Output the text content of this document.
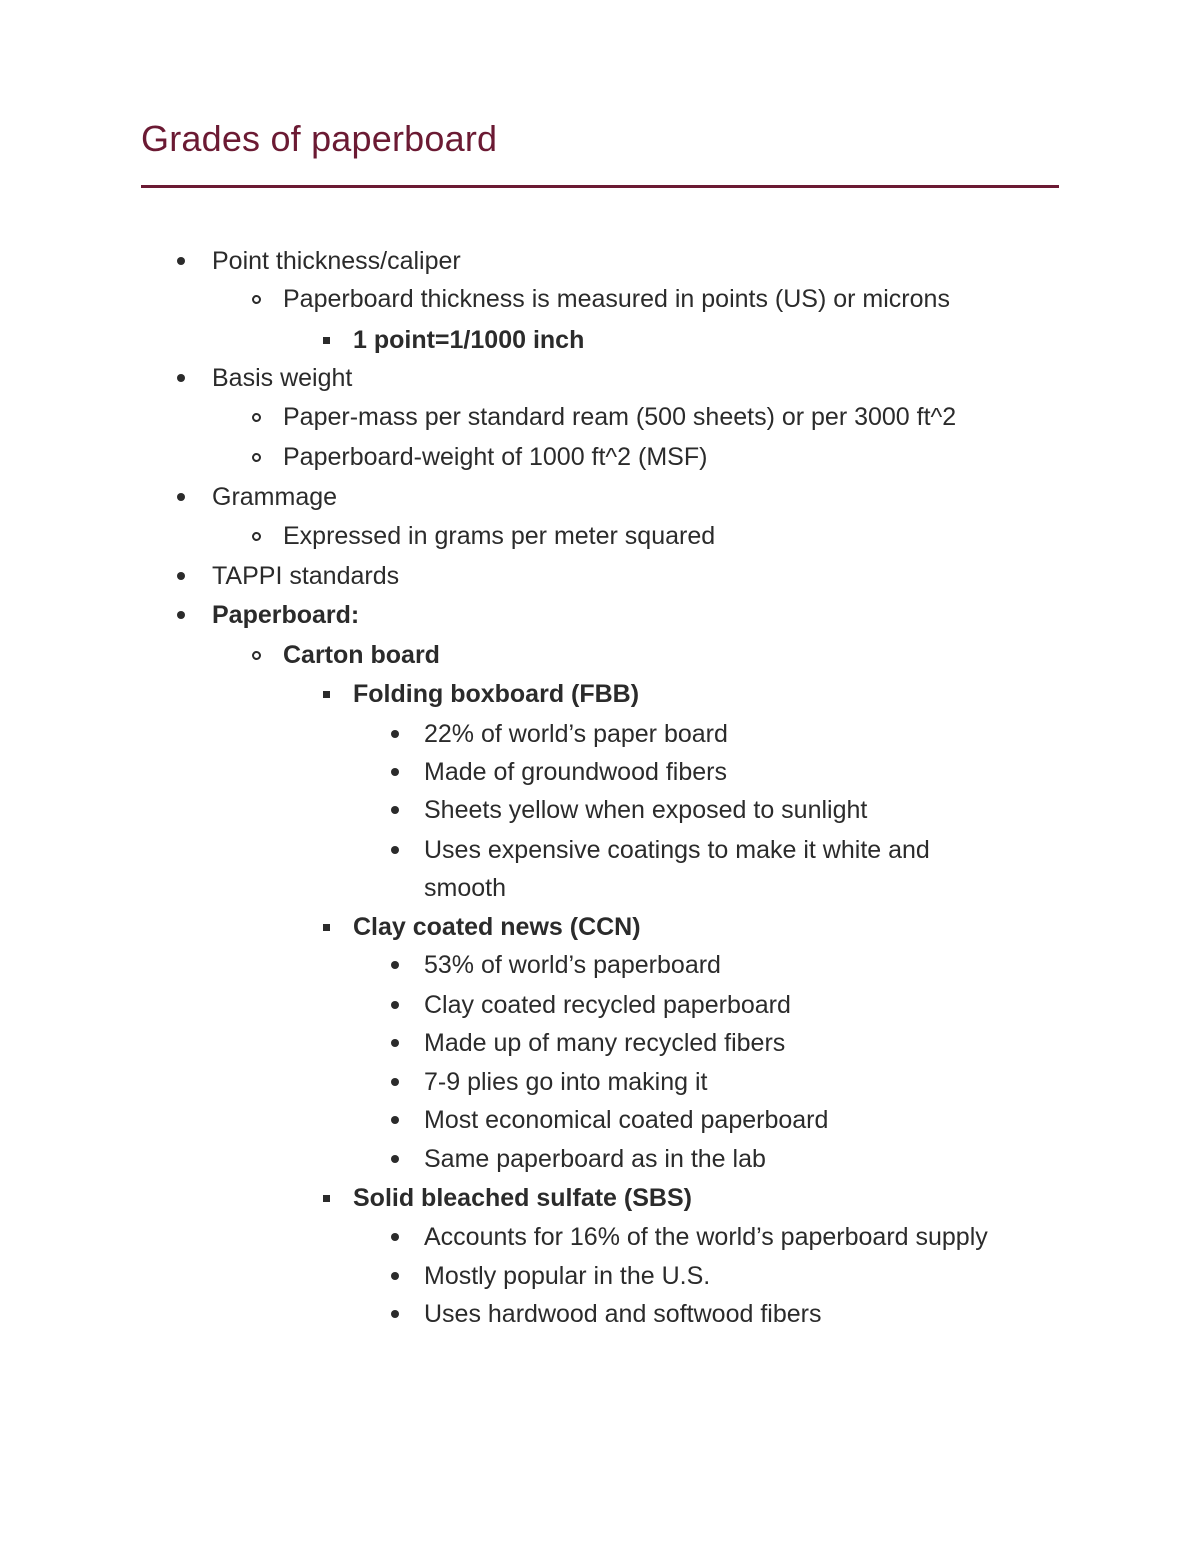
Grades of paperboard
Point thickness/caliper
Paperboard thickness is measured in points (US) or microns
1 point=1/1000 inch
Basis weight
Paper-mass per standard ream (500 sheets) or per 3000 ft^2
Paperboard-weight of 1000 ft^2 (MSF)
Grammage
Expressed in grams per meter squared
TAPPI standards
Paperboard:
Carton board
Folding boxboard (FBB)
22% of world’s paper board
Made of groundwood fibers
Sheets yellow when exposed to sunlight
Uses expensive coatings to make it white and
smooth
Clay coated news (CCN)
53% of world’s paperboard
Clay coated recycled paperboard
Made up of many recycled fibers
7-9 plies go into making it
Most economical coated paperboard
Same paperboard as in the lab
Solid bleached sulfate (SBS)
Accounts for 16% of the world’s paperboard supply
Mostly popular in the U.S.
Uses hardwood and softwood fibers
